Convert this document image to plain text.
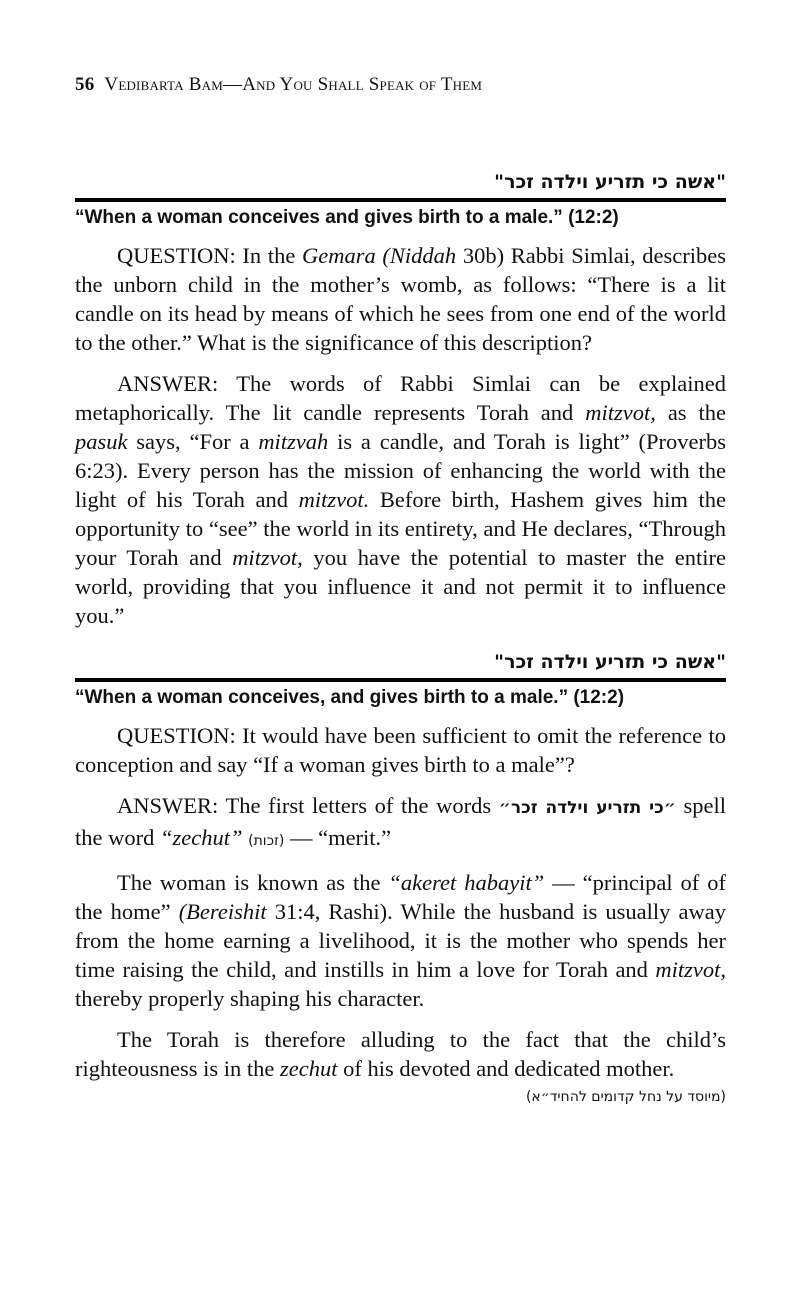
56 Vedibarta Bam—And You Shall Speak of Them
"אשה כי תזריע וילדה זכר"
“When a woman conceives and gives birth to a male.” (12:2)

QUESTION: In the Gemara (Niddah 30b) Rabbi Simlai, describes the unborn child in the mother’s womb, as follows: “There is a lit candle on its head by means of which he sees from one end of the world to the other.” What is the significance of this description?

ANSWER: The words of Rabbi Simlai can be explained metaphorically. The lit candle represents Torah and mitzvot, as the pasuk says, “For a mitzvah is a candle, and Torah is light” (Proverbs 6:23). Every person has the mission of enhancing the world with the light of his Torah and mitzvot. Before birth, Hashem gives him the opportunity to “see” the world in its entirety, and He declares, “Through your Torah and mitzvot, you have the potential to master the entire world, providing that you influence it and not permit it to influence you.”

"אשה כי תזריע וילדה זכר"
“When a woman conceives, and gives birth to a male.” (12:2)

QUESTION: It would have been sufficient to omit the reference to conception and say “If a woman gives birth to a male”?

ANSWER: The first letters of the words ״כי תזריע וילדה זכר״ spell the word “zechut” (זכות) — “merit.”

The woman is known as the “akeret habayit” — “principal of of the home” (Bereishit 31:4, Rashi). While the husband is usually away from the home earning a livelihood, it is the mother who spends her time raising the child, and instills in him a love for Torah and mitzvot, thereby properly shaping his character.

The Torah is therefore alluding to the fact that the child’s righteousness is in the zechut of his devoted and dedicated mother.

(מיוסד על נחל קדומים להחיד״א)
